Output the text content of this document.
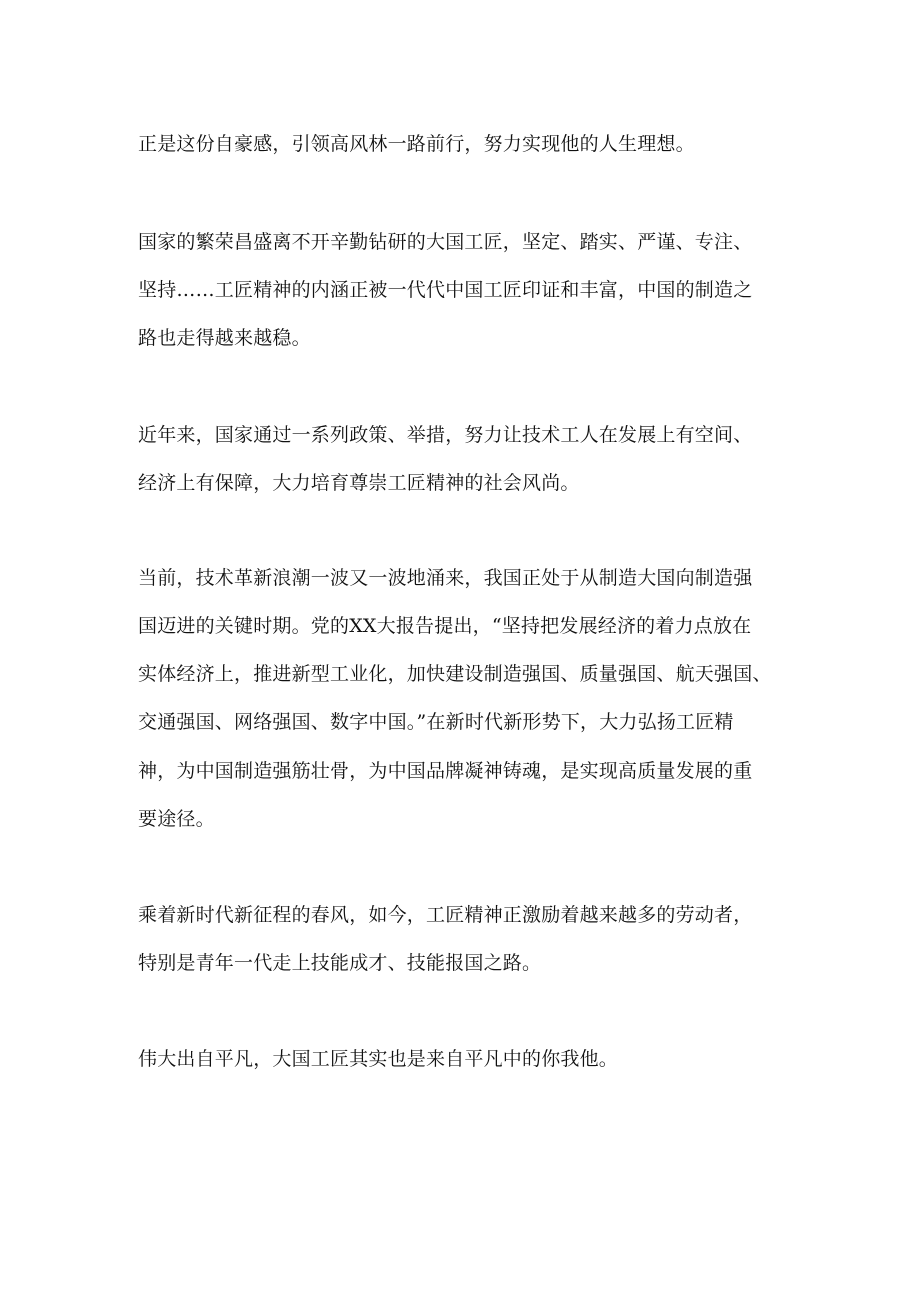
正是这份自豪感，引领高风林一路前行，努力实现他的人生理想。

国家的繁荣昌盛离不开辛勤钻研的大国工匠，坚定、踏实、严谨、专注、

坚持……工匠精神的内涵正被一代代中国工匠印证和丰富，中国的制造之

路也走得越来越稳。

近年来，国家通过一系列政策、举措，努力让技术工人在发展上有空间、

经济上有保障，大力培育尊崇工匠精神的社会风尚。

当前，技术革新浪潮一波又一波地涌来，我国正处于从制造大国向制造强

国迈进的关键时期。党的XX大报告提出，“坚持把发展经济的着力点放在

实体经济上，推进新型工业化，加快建设制造强国、质量强国、航天强国、

交通强国、网络强国、数字中国。”在新时代新形势下，大力弘扬工匠精

神，为中国制造强筋壮骨，为中国品牌凝神铸魂，是实现高质量发展的重

要途径。

乘着新时代新征程的春风，如今，工匠精神正激励着越来越多的劳动者，

特别是青年一代走上技能成才、技能报国之路。

伟大出自平凡，大国工匠其实也是来自平凡中的你我他。
